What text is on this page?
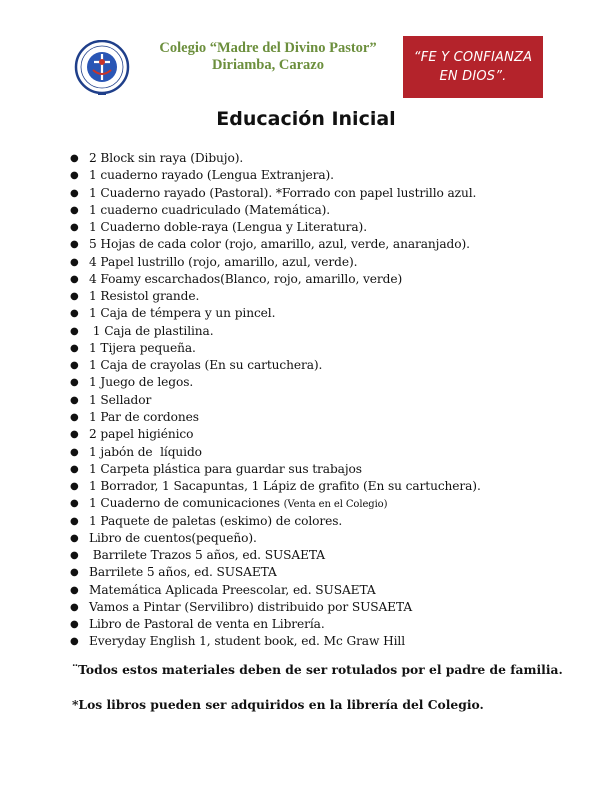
Colegio “Madre del Divino Pastor”
Diriamba, Carazo	“FE Y CONFIANZA EN DIOS”.
Educación Inicial
● 2 Block sin raya (Dibujo).
● 1 cuaderno rayado (Lengua Extranjera).
● 1 Cuaderno rayado (Pastoral). *Forrado con papel lustrillo azul.
● 1 cuaderno cuadriculado (Matemática).
● 1 Cuaderno doble-raya (Lengua y Literatura).
● 5 Hojas de cada color (rojo, amarillo, azul, verde, anaranjado).
● 4 Papel lustrillo (rojo, amarillo, azul, verde).
● 4 Foamy escarchados(Blanco, rojo, amarillo, verde)
● 1 Resistol grande.
● 1 Caja de témpera y un pincel.
● 1 Caja de plastilina.
● 1 Tijera pequeña.
● 1 Caja de crayolas (En su cartuchera).
● 1 Juego de legos.
● 1 Sellador
● 1 Par de cordones
● 2 papel higiénico
● 1 jabón de  líquido
● 1 Carpeta plástica para guardar sus trabajos
● 1 Borrador, 1 Sacapuntas, 1 Lápiz de grafito (En su cartuchera).
● 1 Cuaderno de comunicaciones (Venta en el Colegio)
● 1 Paquete de paletas (eskimo) de colores.
● Libro de cuentos(pequeño).
● Barrilete Trazos 5 años, ed. SUSAETA
● Barrilete 5 años, ed. SUSAETA
● Matemática Aplicada Preescolar, ed. SUSAETA
● Vamos a Pintar (Servilibro) distribuido por SUSAETA
● Libro de Pastoral de venta en Librería.
● Everyday English 1, student book, ed. Mc Graw Hill
¨Todos estos materiales deben de ser rotulados por el padre de familia.
*Los libros pueden ser adquiridos en la librería del Colegio.
